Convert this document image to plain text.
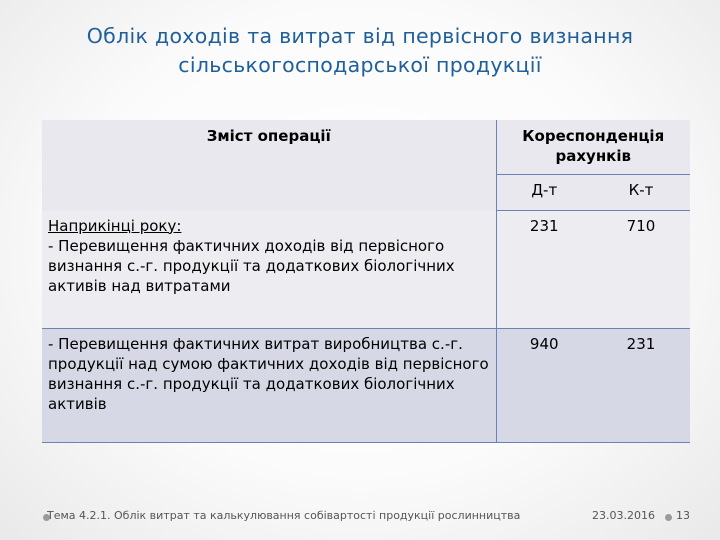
Облік доходів та витрат від первісного визнання
сільськогосподарської продукції
Зміст операції	Кореспонденція рахунків	
	Д-т	К-т

Наприкінці року:
- Перевищення фактичних доходів від первісного визнання с.-г. продукції та додаткових біологічних активів над витратами	231	710
- Перевищення фактичних витрат виробництва с.-г. продукції над сумою фактичних доходів від первісного визнання с.-г. продукції та додаткових біологічних активів	940	231
Тема 4.2.1. Облік витрат та калькулювання собівартості продукції рослинництва	23.03.2016 13
